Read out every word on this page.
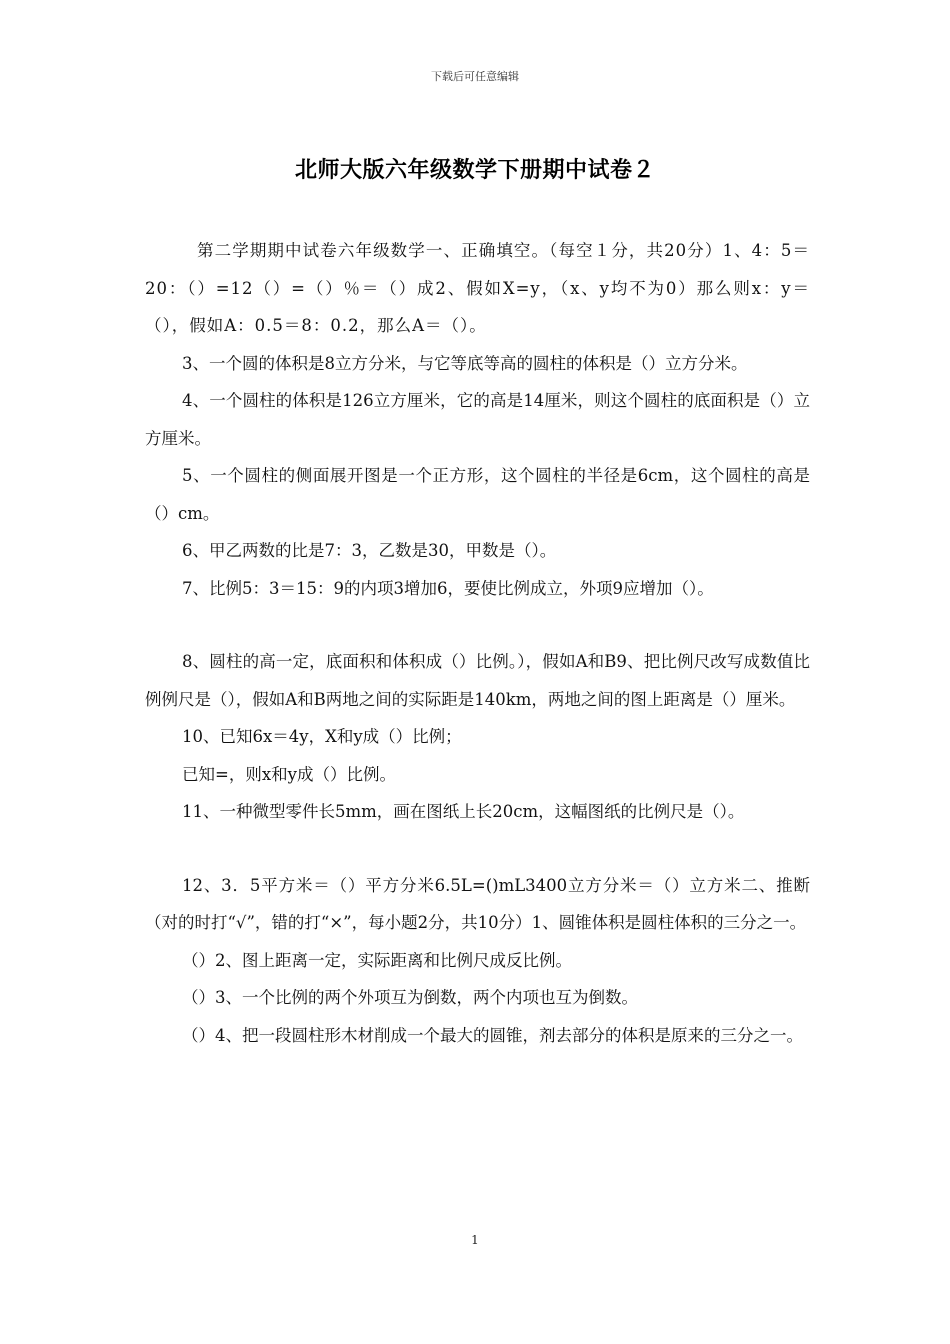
下载后可任意编辑
北师大版六年级数学下册期中试卷２

第二学期期中试卷六年级数学一、正确填空。（每空１分，共20分）1、4：5＝20：（）=12（）=（）％＝（）成2、假如X=y，（x、y均不为0）那么则x：y＝（），假如A：0.5＝8：0.2，那么A＝（）。

3、一个圆的体积是8立方分米，与它等底等高的圆柱的体积是（）立方分米。

4、一个圆柱的体积是126立方厘米，它的高是14厘米，则这个圆柱的底面积是（）立方厘米。

5、一个圆柱的侧面展开图是一个正方形，这个圆柱的半径是6cm，这个圆柱的高是（）cm。

6、甲乙两数的比是7：3，乙数是30，甲数是（）。

7、比例5：3＝15：9的内项3增加6，要使比例成立，外项9应增加（）。

8、圆柱的高一定，底面积和体积成（）比例。），假如A和B9、把比例尺改写成数值比例例尺是（），假如A和B两地之间的实际距是140km，两地之间的图上距离是（）厘米。

10、已知6x＝4y，X和y成（）比例；

已知=，则x和y成（）比例。

11、一种微型零件长5mm，画在图纸上长20cm，这幅图纸的比例尺是（）。

12、3．5平方米＝（）平方分米6.5L=()mL3400立方分米＝（）立方米二、推断（对的时打“√”，错的打“×”，每小题2分，共10分）1、圆锥体积是圆柱体积的三分之一。

（）2、图上距离一定，实际距离和比例尺成反比例。

（）3、一个比例的两个外项互为倒数，两个内项也互为倒数。

（）4、把一段圆柱形木材削成一个最大的圆锥，剂去部分的体积是原来的三分之一。

1
